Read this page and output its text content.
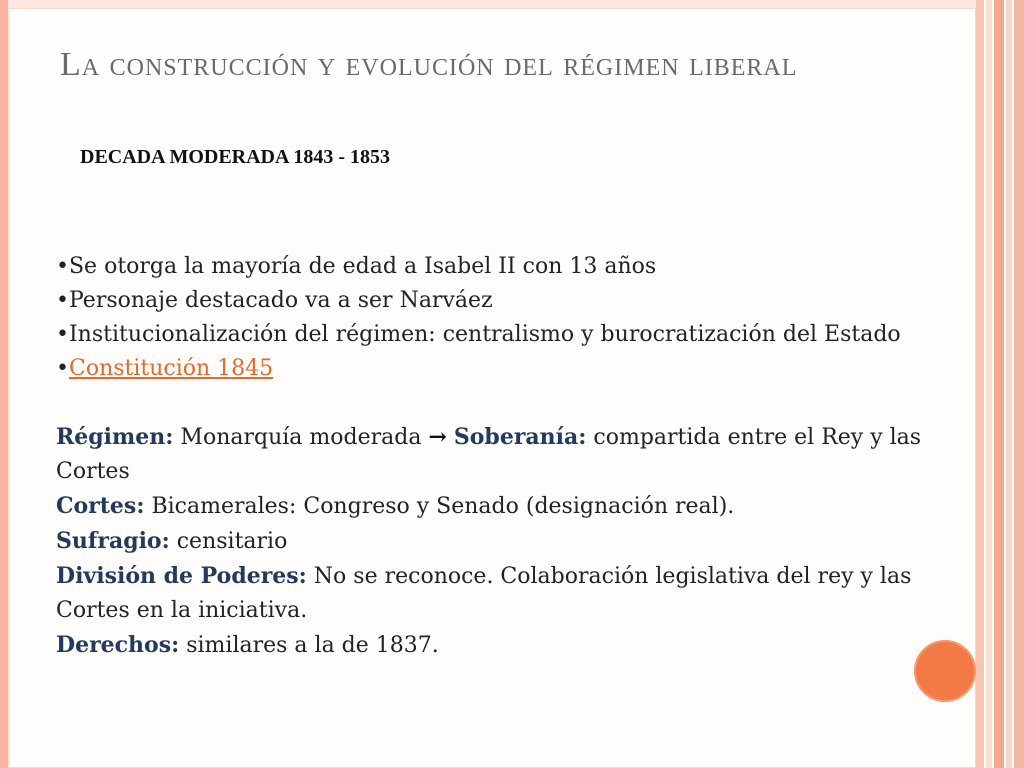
La construcción y evolución del régimen liberal

DECADA MODERADA 1843 - 1853

•Se otorga la mayoría de edad a Isabel II con 13 años

•Personaje destacado va a ser Narváez

•Institucionalización del régimen: centralismo y burocratización del Estado

•Constitución 1845

Régimen: Monarquía moderada → Soberanía: compartida entre el Rey y las Cortes

Cortes: Bicamerales: Congreso y Senado (designación real).

Sufragio: censitario

División de Poderes: No se reconoce. Colaboración legislativa del rey y las Cortes en la iniciativa.

Derechos: similares a la de 1837.
